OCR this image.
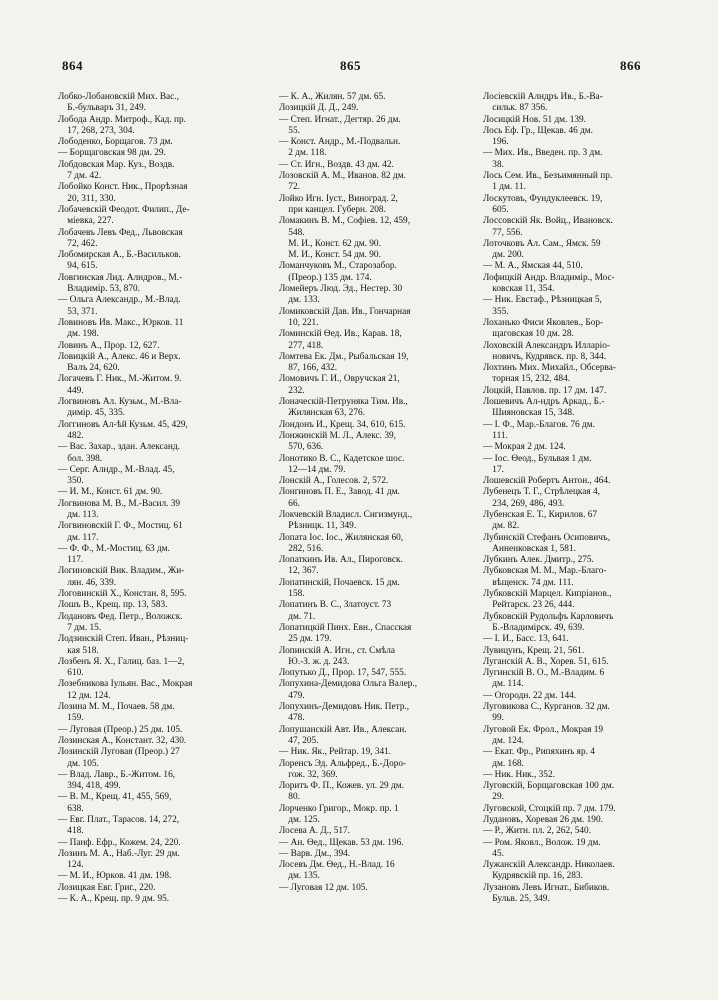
864	865	866
Лобко-Лобановскій Мих. Вас.,
Б.-бульваръ 31, 249.
Лобода Андр. Митроф., Кад. пр.
17, 268, 273, 304.
Лободенко, Борщагов. 73 дм.
— Борщаговская 98 дм. 29.
Лобдовская Мар. Куз., Воздв.
7 дм. 42.
Лобойко Конст. Ник., Прорѣзная
20, 311, 330.
Лобачевскій Феодот. Филип., Де-
міевка, 227.
Лобачевъ Левъ Фед., Львовская
72, 462.
Лобомирская А., Б.-Васильков.
94, 615.
Ловгинская Лид. Алндров., М.-
Владимір. 53, 870.
— Ольга Александр., М.-Влад.
53, 371.
Ловиновъ Ив. Макс., Юрков. 11
дм. 198.
Ловинъ А., Прор. 12, 627.
Ловицкій А., Алекс. 46 и Верх.
Валъ 24, 620.
Логачевъ Г. Ник., М.-Житом. 9.
449.
Логвиновъ Ал. Кузьм., М.-Вла-
димір. 45, 335.
Логгиновъ Ал-ѣй Кузьм. 45, 429,
482.
— Вас. Захар., здан. Александ.
бол. 398.
— Серг. Алндр., М.-Влад. 45,
350.
— И. М., Конст. 61 дм. 90.
Логвинова М. В., М.-Васил. 39
дм. 113.
Логвиновскій Г. Ф., Мостиц. 61
дм. 117.
— Ф. Ф., М.-Мостиц. 63 дм.
117.
Логиновскій Вик. Владим., Жи-
лян. 46, 339.
Логовинскій Х., Констан. 8, 595.
Лошъ В., Крещ. пр. 13, 583.
Лодановъ Фед. Петр., Воложск.
7 дм. 15.
Лодзинскій Степ. Иван., Рѣзниц-
кая 518.
Лозбенъ Я. Х., Галиц. баз. 1—2,
610.
Лозебникова Іульян. Вас., Мокрая
12 дм. 124.
Лозина М. М., Почаев. 58 дм.
159.
— Луговая (Преор.) 25 дм. 105.
Лозинская А., Констант. 32, 430.
Лозинскій Луговая (Преор.) 27
дм. 105.
— Влад. Лавр., Б.-Житом. 16,
394, 418, 499.
— В. М., Крещ. 41, 455, 569,
638.
— Евг. Плат., Тарасов. 14, 272,
418.
— Панф. Ефр., Кожем. 24, 220.
Лозинъ М. А., Наб.-Луг. 29 дм.
124.
— М. И., Юрков. 41 дм. 198.
Лозицкая Евг. Григ., 220.
— К. А., Крещ. пр. 9 дм. 95.
— К. А., Жилян. 57 дм. 65.
Лозицкій Д. Д., 249.
— Степ. Игнат., Дегтяр. 26 дм.
55.
— Конст. Андр., М.-Подвальн.
2 дм. 118.
— Ст. Игн., Воздв. 43 дм. 42.
Лозовскій А. М., Иванов. 82 дм.
72.
Лойко Игн. Іуст., Виноград. 2,
при канцел. Губерн. 208.
Ломакинъ В. М., Софіев. 12, 459,
548.
М. И., Конст. 62 дм. 90.
М. И., Конст. 54 дм. 90.
Ломанчуковъ М., Старозабор.
(Преор.) 135 дм. 174.
Ломейеръ Люд. Эд., Нестер. 30
дм. 133.
Ломиковскій Дав. Ив., Гончарная
10, 221.
Ломинскій Ѳед. Ив., Карав. 18,
277, 418.
Ломтева Ек. Дм., Рыбальская 19,
87, 166, 432.
Ломовичъ Г. И., Овручская 21,
232.
Лоначескій-Петруняка Тим. Ив.,
Жилянская 63, 276.
Лондонъ И., Крещ. 34, 610, 615.
Лонжинскій М. Л., Алекс. 39,
570, 636.
Лонотико В. С., Кадетское шос.
12—14 дм. 79.
Лонскій А., Голесов. 2, 572.
Лонгиновъ П. Е., Завод. 41 дм.
66.
Локчевскій Владисл. Сигизмунд.,
Рѣзницк. 11, 349.
Лопата Іос. Іос., Жилянская 60,
282, 516.
Лопаткинъ Ив. Ал., Пироговск.
12, 367.
Лопатинскій, Почаевск. 15 дм.
158.
Лопатинъ В. С., Златоуст. 73
дм. 71.
Лопатицкій Пинх. Евн., Спасская
25 дм. 179.
Лопинскій А. Игн., ст. Смѣла
Ю.-З. ж. д. 243.
Лопутько Д., Прор. 17, 547, 555.
Лопухина-Демидова Ольга Валер.,
479.
Лопухинъ-Демидовъ Ник. Петр.,
478.
Лопушанскій Авт. Ив., Алексан.
47, 205.
— Ник. Як., Рейтар. 19, 341.
Лоренсъ Эд. Альфред., Б.-Доро-
гож. 32, 369.
Лоритъ Ф. П., Кожев. ул. 29 дм.
80.
Лорченко Григор., Мокр. пр. 1
дм. 125.
Лосева А. Д., 517.
— Ан. Ѳед., Щекав. 53 дм. 196.
— Варв. Дм., 394.
Лосевъ Дм. Ѳед., Н.-Влад. 16
дм. 135.
— Луговая 12 дм. 105.
Лосіевскій Алндръ Ив., Б.-Ва-
сильк. 87 356.
Лосицкій Нов. 51 дм. 139.
Лось Еф. Гр., Щекав. 46 дм.
196.
— Мих. Ив., Введен. пр. 3 дм.
38.
Лось Сем. Ив., Безъимянный пр.
1 дм. 11.
Лоскутовъ, Фундуклеевск. 19,
605.
Лоссовскій Як. Войц., Ивановск.
77, 556.
Лоточковъ Ал. Сам., Ямск. 59
дм. 200.
— М. А., Ямская 44, 510.
Лофицкій Андр. Владимір., Мос-
ковская 11, 354.
— Ник. Евстаф., Рѣзницкая 5,
355.
Лоханько Фиси Яковлев., Бор-
щаговская 10 дм. 28.
Лоховскій Александръ Илларіо-
новичъ, Кудрявск. пр. 8, 344.
Лохтинъ Мих. Михайл., Обсерва-
торная 15, 232, 484.
Лоцкій, Павлов. пр. 17 дм. 147.
Лошевичъ Ал-ндръ Аркад., Б.-
Шияновская 15, 348.
— І. Ф., Мар.-Благов. 76 дм.
111.
— Мокрая 2 дм. 124.
— Іос. Ѳеод., Бульвая 1 дм.
17.
Лошевскій Робертъ Антон., 464.
Лубенецъ Т. Г., Стрѣлецкая 4,
234, 269, 486, 493.
Лубенская Е. Т., Кирилов. 67
дм. 82.
Лубинскій Стефанъ Осиповичъ,
Анненковская 1, 581.
Лубкинъ Алек. Дмитр., 275.
Лубковская М. М., Мар.-Благо-
вѣщенск. 74 дм. 111.
Лубковскій Марцел. Кипріанов.,
Рейтарск. 23 26, 444.
Лубковскій Рудольфъ Карловичъ
Б.-Владимірск. 49, 639.
— І. И., Басс. 13, 641.
Лувицунъ, Крещ. 21, 561.
Луганскій А. В., Хорев. 51, 615.
Лугинскій В. О., М.-Владим. 6
дм. 114.
— Огородн. 22 дм. 144.
Луговикова С., Курганов. 32 дм.
99.
Луговой Ек. Фрол., Мокрая 19
дм. 124.
— Екат. Фр., Рипяхинъ яр. 4
дм. 168.
— Ник. Ник., 352.
Луговскій, Борщаговская 100 дм.
29.
Луговской, Стоцкій пр. 7 дм. 179.
Лудановъ, Хоревая 26 дм. 190.
— Р., Житн. пл. 2, 262, 540.
— Ром. Яковл., Волож. 19 дм.
45.
Лужанскій Александр. Николаев.
Кудрявскій пр. 16, 283.
Лузановъ Левъ Игнат., Бибиков.
Бульв. 25, 349.
